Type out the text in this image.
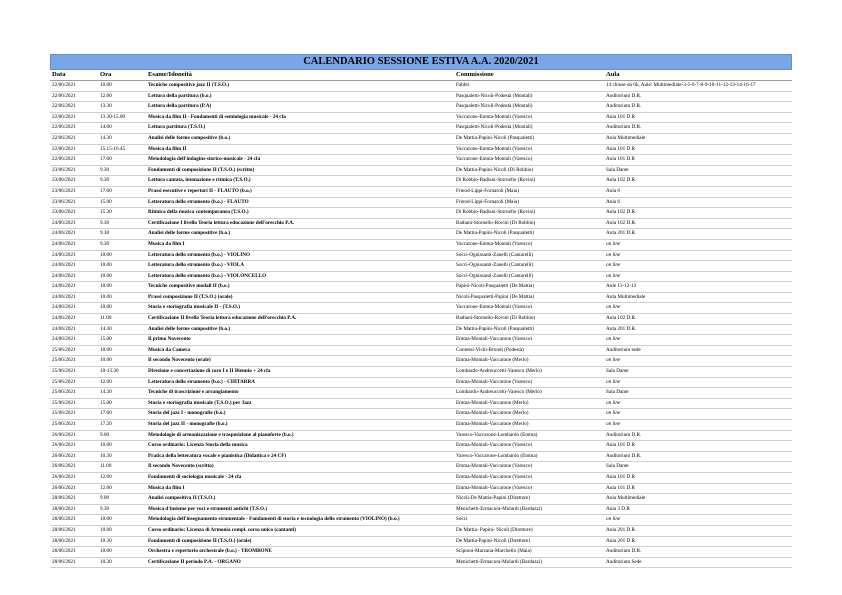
CALENDARIO SESSIONE ESTIVA A.A. 2020/2021
Data	Ora	Esame/Idoneità	Commissione	Aula
22/06/2021	10.00	Tecniche compositive jazz II (T.S.O.)	Fabbri	14 chiuse da 6h, Aule: Multimediale-3-5-6-7-8-9-10-11-12-13-14-16-17
22/06/2021	12.00	Lettura della partitura (b.o.)	Pasqualetti-Nicoli-Podestà (Montali)	Auditorium D.R.
22/06/2021	13.30	Lettura della partitura (P.A)	Pasqualetti-Nicoli-Podestà (Montali)	Auditorium D.R.
22/06/2021	13.30-15.00	Musica da film II - Fondamenti di semiologia musicale - 24 cfa	Vaccarone-Emma-Montali (Varesco)	Aula 101 D.R
22/06/2021	14.00	Lettura partitura (T.S.O.)	Pasqualetti-Nicoli-Podestà (Montali)	Auditorium D.R.
22/06/2021	14.30	Analisi delle forme compositive (b.o.)	De Mattia-Papini-Nicoli (Pasqualetti)	Aula Multimediale
22/06/2021	15.15-16.45	Musica da film II	Vaccarone-Emma-Montali (Varesco)	Aula 101 D.R
22/06/2021	17.00	Metodologia dell'indagine storico-musicale - 24 cfa	Vaccarone-Emma-Montali (Varesco)	Aula 101 D.R
23/06/2021	9.30	Fondamenti di composizione II (T.S.O.) (scritto)	De Mattia-Papini-Nicoli (Di Robbio)	Sala Dante
23/06/2021	9.30	Lettura cantata, intonazione e ritmica (T.S.O.)	Di Robbio-Badiani-Stornello (Rovini)	Aula 102 D.R.
23/06/2021	17.00	Prassi esecutive e repertori II - FLAUTO (b.o.)	Friend-Lippi-Fornaroli (Maia)	Aula 6
23/06/2021	15.00	Letteratura dello strumento (b.o.) - FLAUTO	Friend-Lippi-Fornaroli (Maia)	Aula 6
23/06/2021	15.30	Ritmica della musica contemporanea (T.S.O.)	Di Robbio-Badiani-Stornello (Rovini)	Aula 102 D.R.
24/06/2021	9.30	Certificazione I livello Teoria lettura educazione dell'orecchio P.A.	Badiani-Stornello-Rovini (Di Robbio)	Aula 102 D.R.
24/06/2021	9.30	Analisi delle forme compositive (b.o.)	De Mattia-Papini-Nicoli (Pasqualetti)	Aula 201 D.R.
24/06/2021	9.30	Musica da film I	Vaccarone-Emma-Montali (Varesco)	on line
24/06/2021	10.00	Letteratura dello strumento (b.o.) - VIOLINO	Socci-Ognissanti-Zanelli (Cantarelli)	on line
24/06/2021	10.00	Letteratura dello strumento (b.o.) - VIOLA	Socci-Ognissanti-Zanelli (Cantarelli)	on line
24/06/2021	10.00	Letteratura dello strumento (b.o.) - VIOLONCELLO	Socci-Ognissanti-Zanelli (Cantarelli)	on line
24/06/2021	10.00	Tecniche compositive modali II (b.o.)	Papini-Nicoli-Pasqualetti (De Mattia)	Aule 11-12-13
24/06/2021	10.00	Prassi composizione II (T.S.O.) (orale)	Nicoli-Pasqualetti-Papini (De Mattia)	Aula Multimediale
24/06/2021	10.00	Storia e storiografia musicale II - (T.S.O.)	Vaccarone-Emma-Montali (Varesco)	on line
24/06/2021	11.00	Certificazione II livello Teoria lettura educazione dell'orecchio P.A.	Badiani-Stornello-Rovini (Di Robbio)	Aula 102 D.R.
24/06/2021	14.30	Analisi delle forme compositive (b.o.)	De Mattia-Papini-Nicoli (Pasqualetti)	Aula 201 D.R.
24/06/2021	15.00	Il primo Novecento	Emma-Montali-Vaccarone (Varesco)	on line
25/06/2021	10.00	Musica da Camera	Contessi-Vichi-Brondi (Podestà)	Auditorium sede
25/06/2021	10.00	Il secondo Novecento (orale)	Emma-Montali-Vaccarone (Merlo)	on line
25/06/2021	10-13.30	Direzione e concertazione di coro I e II Biennio + 24 cfa	Lombardo-Andreuccetti-Varesco (Merlo)	Sala Dante
25/06/2021	12.00	Letteratura dello strumento (b.o.) - CHITARRA	Emma-Montali-Vaccarone (Varesco)	on line
25/06/2021	14.30	Tecniche di trascrizione e arrangiamento	Lombardo-Andreuccetti-Varesco (Merlo)	Sala Dante
25/06/2021	15.00	Storia e storiografia musicale (T.S.O.) per Jazz	Emma-Montali-Vaccarone (Merlo)	on line
25/06/2021	17.00	Storia del jazz I - monografie (b.o.)	Emma-Montali-Vaccarone (Merlo)	on line
25/06/2021	17.20	Storia del jazz II - monografie (b.o.)	Emma-Montali-Vaccarone (Merlo)	on line
26/06/2021	9.00	Metodologie di armonizzazione e trasposizione al pianoforte (b.o.)	Varesco-Vaccarone-Lombardo (Emma)	Auditorium D.R.
26/06/2021	10.00	Corso ordinario: Licenza Storia della musica	Emma-Montali-Vaccarone (Varesco)	Aula 101 D.R
26/06/2021	10.30	Pratica della letteratura vocale e pianistica (Didattica e 24 CF)	Varesco-Vaccarone-Lombardo (Emma)	Auditorium D.R.
26/06/2021	11.00	Il secondo Novecento (scritto)	Emma-Montali-Vaccarone (Varesco)	Sala Dante
26/06/2021	12.00	Fondamenti di sociologia musicale - 24 cfa	Emma-Montali-Vaccarone (Varesco)	Aula 101 D.R
26/06/2021	12.00	Musica da film I	Emma-Montali-Vaccarone (Varesco)	Aula 101 D.R
28/06/2021	9.00	Analisi compositiva II (T.S.O.)	Nicoli-De Mattia-Papini (Direttore)	Aula Multimediale
28/06/2021	9.30	Musica d'insieme per voci e strumenti antichi (T.S.O.)	Menichetti-Ermacora-Molardi (Bardazzi)	Aula 3 D.R
28/06/2021	10.00	Metodologia dell'insegnamento strumentale - Fondamenti di storia e tecnologia dello strumento (VIOLINO) (b.o.)	Socci	on line
28/06/2021	10.00	Corso ordinario: Licenza di Armonia compl. corso unico (cantanti)	De Mattia- Papini- Nicoli (Direttore)	Aula 201 D.R.
28/06/2021	10.30	Fondamenti di composizione II (T.S.O.) (orale)	De Mattia-Papini-Nicoli (Direttore)	Aula 201 D.R.
28/06/2021	10.00	Orchestra e repertorio orchestrale (b.o.) - TROMBONE	Scipioni-Marzana-Marchello (Maia)	Auditorium D.R.
28/06/2021	10.30	Certificazione II periodo P.A. - ORGANO	Menichetti-Ermacora-Molardi (Bardazzi)	Auditorium Sede
